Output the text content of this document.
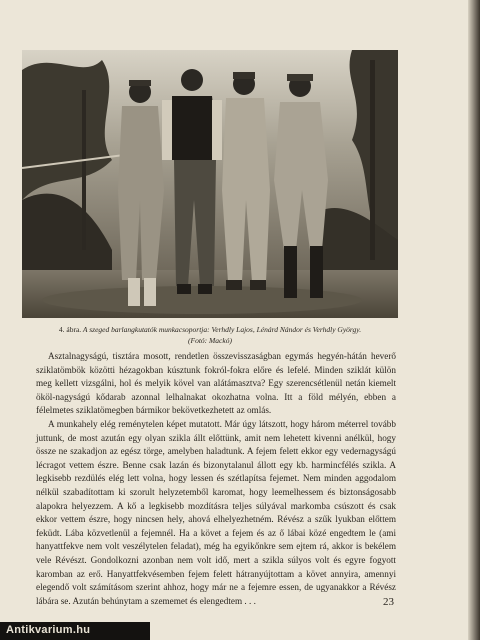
4. ábra. A szeged barlangkutatók munkacsoportja: Verhdly Lajos, Lénárd Nándor és Verhdly György.
(Fotó: Mackó)

Asztalnagyságú, tisztára mosott, rendetlen összevisszaságban egymás hegyén-hátán heverő sziklatömbök közötti hézagokban kúsztunk fokról-fokra előre és lefelé. Minden sziklát külön meg kellett vizsgálni, hol és melyik kövel van alátámasztva? Egy szerencsétlenül netán kiemelt ököl-nagyságú kődarab azonnal lelhalnakat okozhatna volna. Itt a föld mélyén, ebben a félelmetes sziklatömegben bármikor bekövetkezhetett az omlás.

A munkahely elég reménytelen képet mutatott. Már úgy látszott, hogy három méterrel tovább juttunk, de most azután egy olyan szikla állt előttünk, amit nem lehetett kivenni anélkül, hogy össze ne szakadjon az egész törge, amelyben haladtunk. A fejem felett ekkor egy vedernagyságú lécragot vettem észre. Benne csak lazán és bizonytalanul állott egy kb. harmincfélés szikla. A legkisebb rezdülés elég lett volna, hogy lessen és szétlapítsa fejemet. Nem minden aggodalom nélkül szabadítottam ki szorult helyzetemből karomat, hogy leemelhessem és biztonságosabb alapokra helyezzem. A kő a legkisebb mozdításra teljes súlyával markomba csúszott és csak ekkor vettem észre, hogy nincsen hely, ahová elhelyezhetném. Révész a szűk lyukban előttem feküdt. Lába közvetlenül a fejemnél. Ha a követ a fejem és az ő lábai közé engedtem le (ami hanyattfekve nem volt veszélytelen feladat), még ha egyikőnkre sem ejtem rá, akkor is bekélem vele Révészt. Gondolkozni azonban nem volt idő, mert a szikla súlyos volt és egyre fogyott karomban az erő. Hanyattfekvésemben fejem felett hátranyújtottam a követ annyira, amennyi elegendő volt számításom szerint ahhoz, hogy már ne a fejemre essen, de ugyanakkor a Révész lábára se. Azután behúnytam a szememet és elengedtem . . .	23
Antikvarium.hu
